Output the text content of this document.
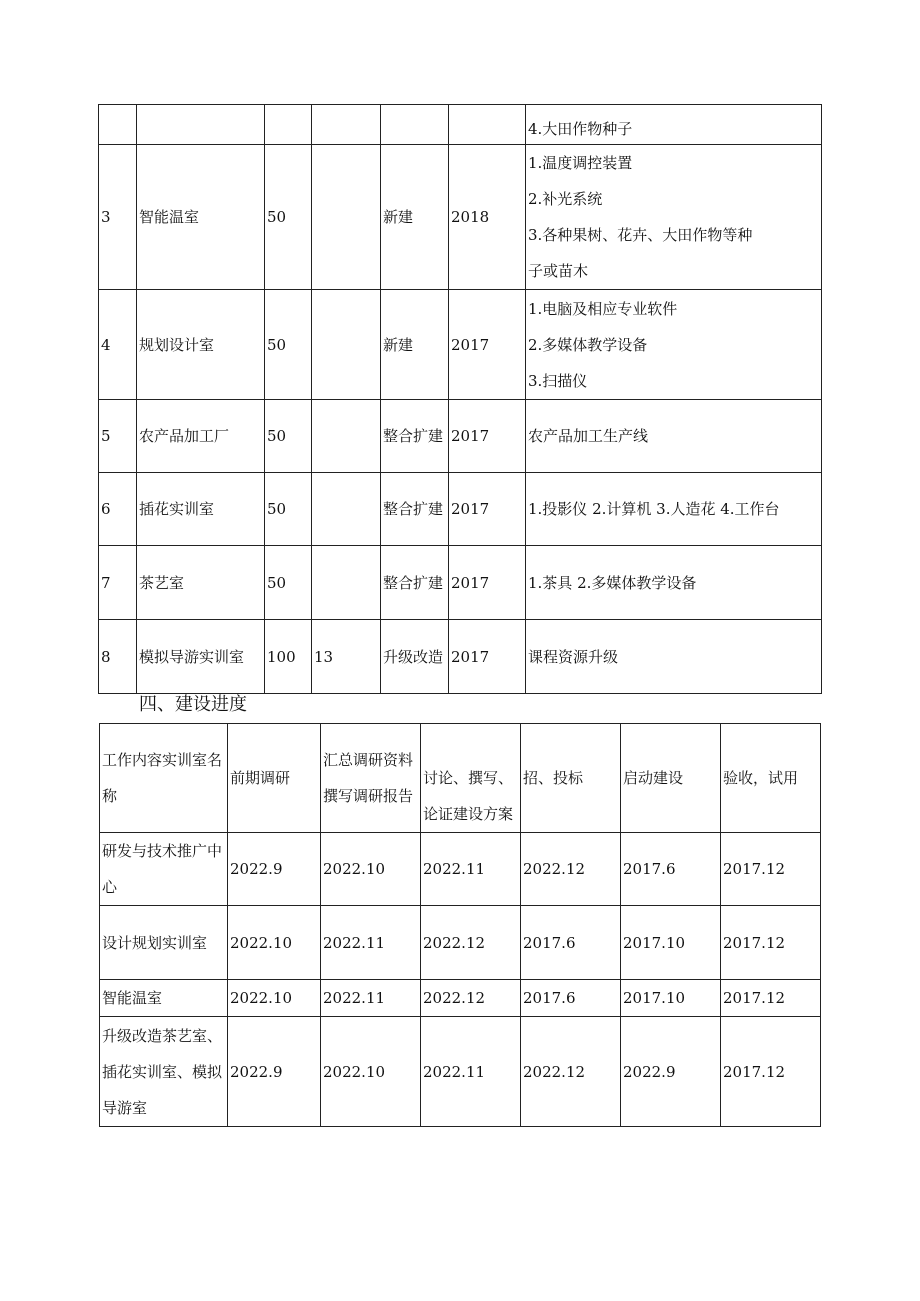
						4.大田作物种子

3	智能温室	50		新建	2018	1.温度调控装置
2.补光系统
3.各种果树、花卉、大田作物等种
子或苗木

4	规划设计室	50		新建	2017	1.电脑及相应专业软件
2.多媒体教学设备
3.扫描仪

5	农产品加工厂	50		整合扩建	2017	农产品加工生产线

6	插花实训室	50		整合扩建	2017	1.投影仪 2.计算机 3.人造花 4.工作台

7	茶艺室	50		整合扩建	2017	1.茶具 2.多媒体教学设备

8	模拟导游实训室	100	13	升级改造	2017	课程资源升级
四、建设进度
工作内容实训室名称	前期调研	汇总调研资料撰写调研报告	讨论、撰写、论证建设方案	招、投标	启动建设	验收，试用
研发与技术推广中心	2022.9	2022.10	2022.11	2022.12	2017.6	2017.12
设计规划实训室	2022.10	2022.11	2022.12	2017.6	2017.10	2017.12
智能温室	2022.10	2022.11	2022.12	2017.6	2017.10	2017.12
升级改造茶艺室、插花实训室、模拟导游室	2022.9	2022.10	2022.11	2022.12	2022.9	2017.12
